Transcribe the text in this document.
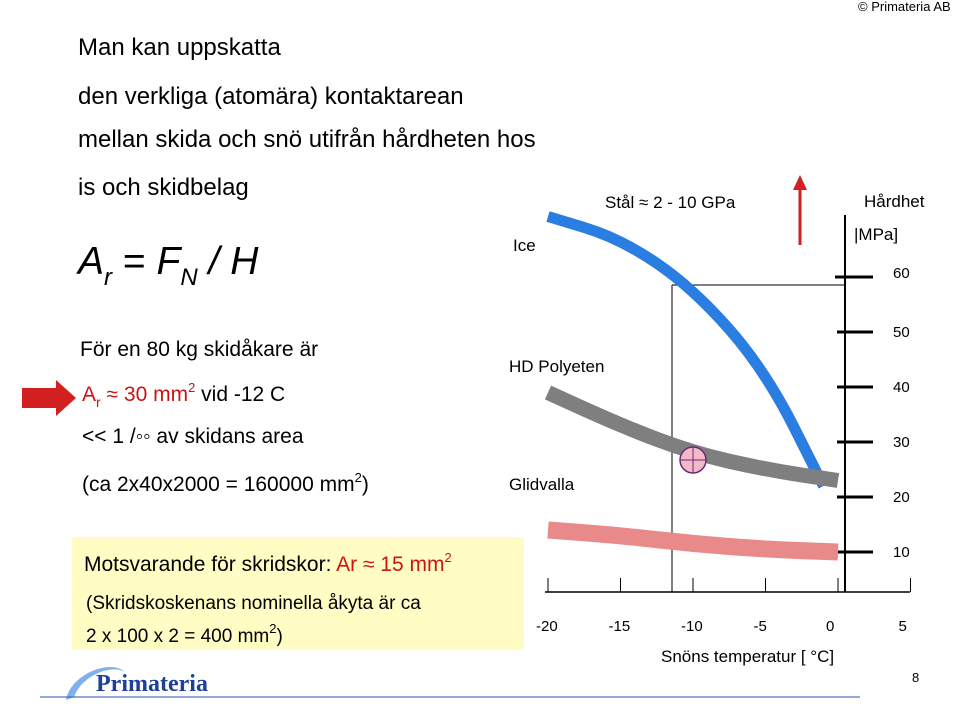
© Primateria AB
Man kan uppskatta
den verkliga (atomära) kontaktarean
mellan skida och snö utifrån hårdheten hos
is och skidbelag
$A_r = F_N / H$
För en 80 kg skidåkare är
$A_r \approx 30$ $mm^2$ vid -12 C
<< 1 /◦◦ av skidans area
(ca 2x40x2000 = 160000 $mm^2$)
Motsvarande för skridskor: Ar ≈ 15 $mm^2$
(Skridskoskenans nominella åkyta är ca
2 x 100 x 2 = 400 $mm^2$)
Ice
HD Polyeten
Glidvalla
Stål ≈ 2 - 10 GPa	Hårdhet
|MPa]
Snöns temperatur [ °C]
60
50
40
30
20
10
-20	-15	-10	-5	0	5
Primateria	8
